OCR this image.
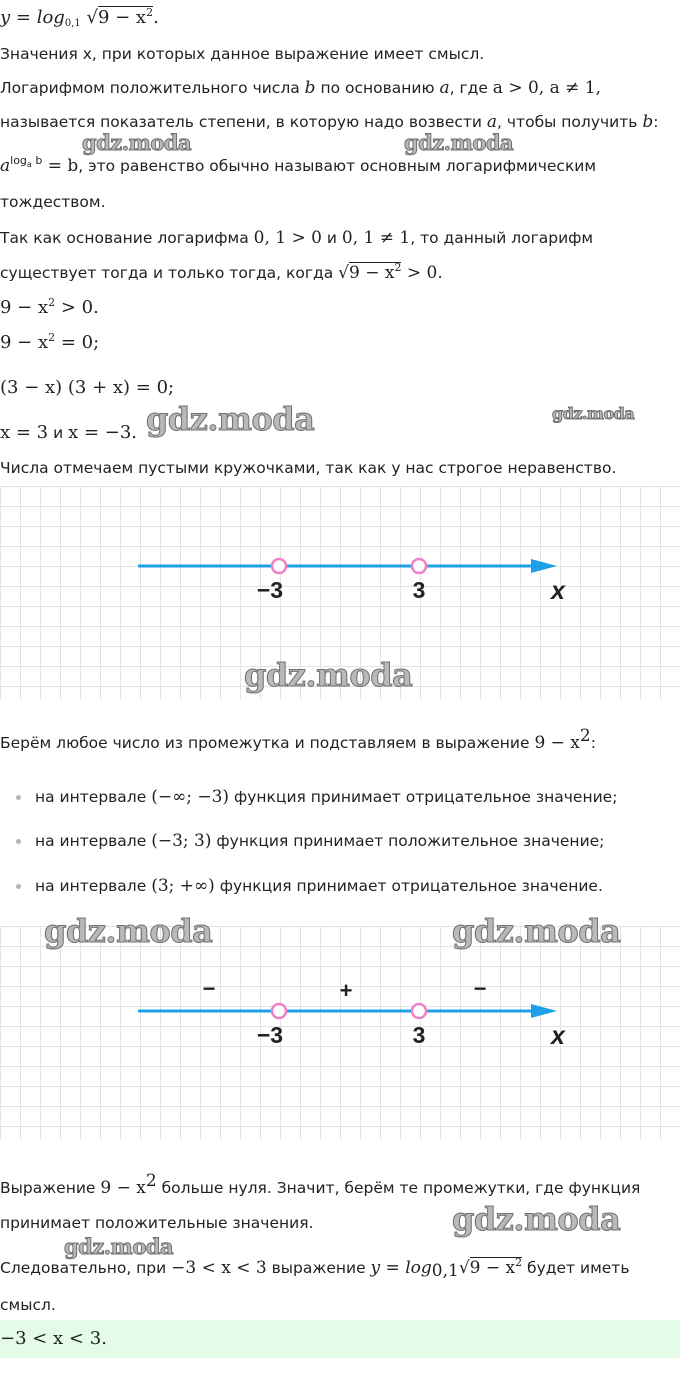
$y = \log_{0,1} √9 - x^2$.
Значения x, при которых данное выражение имеет смысл.
Логарифмом положительного числа b по основанию a, где a > 0, a ≠ 1,
называется показатель степени, в которую надо возвести a, чтобы получить b:
$a^{log_a b} = b$, это равенство обычно называют основным логарифмическим
тождеством.
Так как основание логарифма 0, 1 > 0 и 0, 1 ≠ 1, то данный логарифм
существует тогда и только тогда, когда $√9 - x^2 > 0$.
$9 - x^2 > 0$.
$9 - x^2 = 0$;
(3 − x) (3 + x) = 0;
x = 3 и x = −3.
Числа отмечаем пустыми кружочками, так как у нас строгое неравенство.
−3	3	x
Берём любое число из промежутка и подставляем в выражение $9 - x^2$:
на интервале (−∞; −3) функция принимает отрицательное значение;
на интервале (−3; 3) функция принимает положительное значение;
на интервале (3; +∞) функция принимает отрицательное значение.
−	+	−
−3	3	x
Выражение $9 - x^2$ больше нуля. Значит, берём те промежутки, где функция
принимает положительные значения.
Следовательно, при −3 < x < 3 выражение $y = \log_{0,1}√9 - x^2$ будет иметь
смысл.
−3 < x < 3.
gdz.moda	gdz.moda
gdz.moda	gdz.moda
gdz.moda
gdz.moda	gdz.moda
gdz.moda
gdz.moda
